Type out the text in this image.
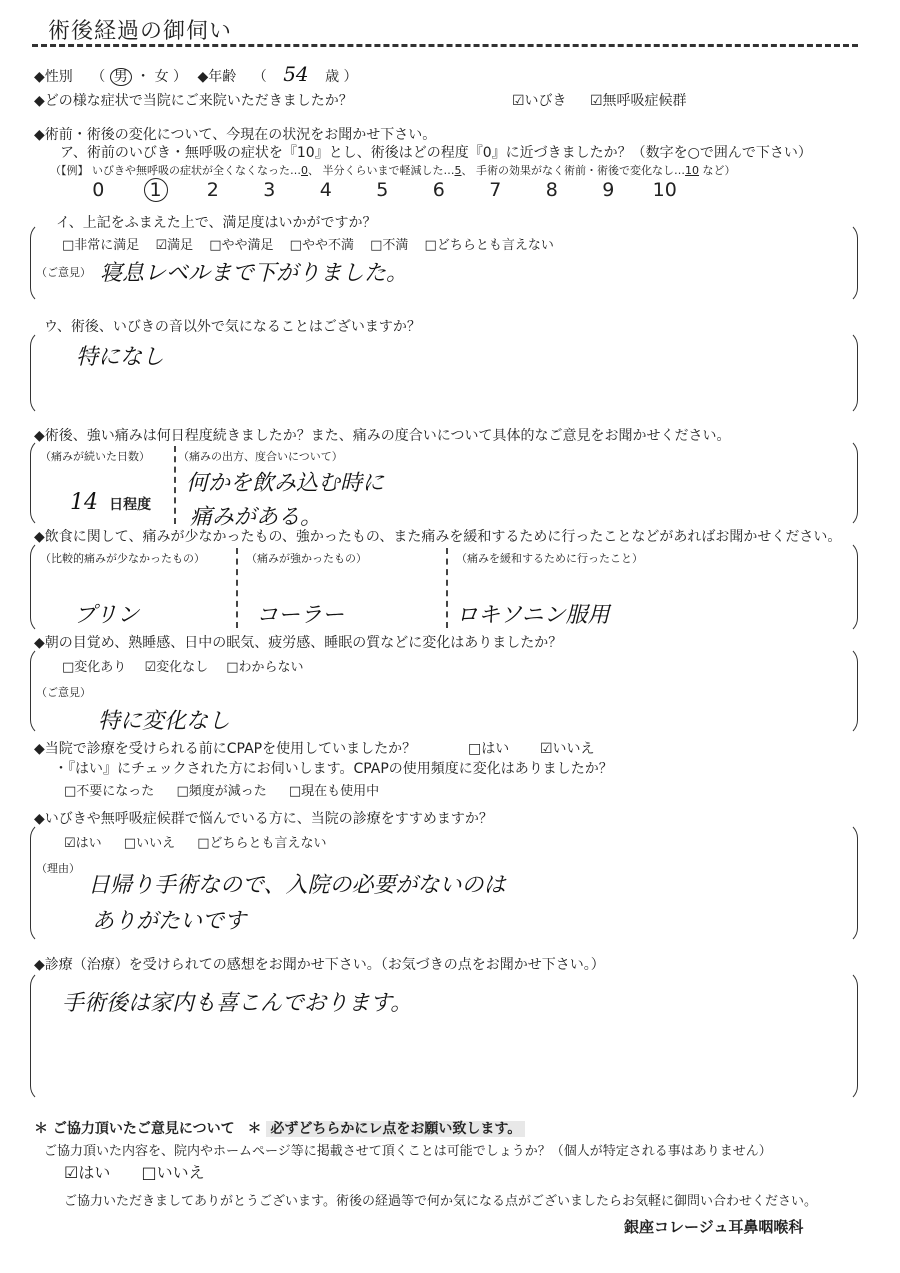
術後経過の御伺い
◆性別 （ 男 ・ 女 ） ◆年齢 （ 54 歳 ）
◆どの様な症状で当院にご来院いただきましたか？	☑いびき ☑無呼吸症候群
◆術前・術後の変化について、今現在の状況をお聞かせ下さい。
ア、術前のいびき・無呼吸の症状を『10』とし、術後はどの程度『0』に近づきましたか？（数字を○で囲んで下さい）
（【例】 いびきや無呼吸の症状が全くなくなった…0、 半分くらいまで軽減した…5、 手術の効果がなく術前・術後で変化なし…10 など）
0 1 2 3 4 5 6 7 8 9 10
イ、上記をふまえた上で、満足度はいかがですか？
□非常に満足 ☑満足 □やや満足 □やや不満 □不満 □どちらとも言えない
（ご意見） 寝息レベルまで下がりました。
ウ、術後、いびきの音以外で気になることはございますか？
特になし
◆術後、強い痛みは何日程度続きましたか？また、痛みの度合いについて具体的なご意見をお聞かせください。
（痛みが続いた日数）
14 日程度
（痛みの出方、度合いについて）
何かを飲み込む時に
痛みがある。
◆飲食に関して、痛みが少なかったもの、強かったもの、また痛みを緩和するために行ったことなどがあればお聞かせください。
（比較的痛みが少なかったもの）
プリン
（痛みが強かったもの）
コーラー
（痛みを緩和するために行ったこと）
ロキソニン服用
◆朝の目覚め、熟睡感、日中の眠気、疲労感、睡眠の質などに変化はありましたか？
□変化あり ☑変化なし □わからない
（ご意見）
特に変化なし
◆当院で診療を受けられる前にCPAPを使用していましたか？	□はい ☑いいえ
・『はい』にチェックされた方にお伺いします。CPAPの使用頻度に変化はありましたか？
□不要になった □頻度が減った □現在も使用中
◆いびきや無呼吸症候群で悩んでいる方に、当院の診療をすすめますか？
☑はい □いいえ □どちらとも言えない
（理由）
日帰り手術なので、入院の必要がないのは
ありがたいです
◆診療（治療）を受けられての感想をお聞かせ下さい。（お気づきの点をお聞かせ下さい。）
手術後は家内も喜こんでおります。
＊ ご協力頂いたご意見について ＊ 必ずどちらかにレ点をお願い致します。
ご協力頂いた内容を、院内やホームページ等に掲載させて頂くことは可能でしょうか？（個人が特定される事はありません）
☑はい □いいえ
ご協力いただきましてありがとうございます。術後の経過等で何か気になる点がございましたらお気軽に御問い合わせください。
銀座コレージュ耳鼻咽喉科
